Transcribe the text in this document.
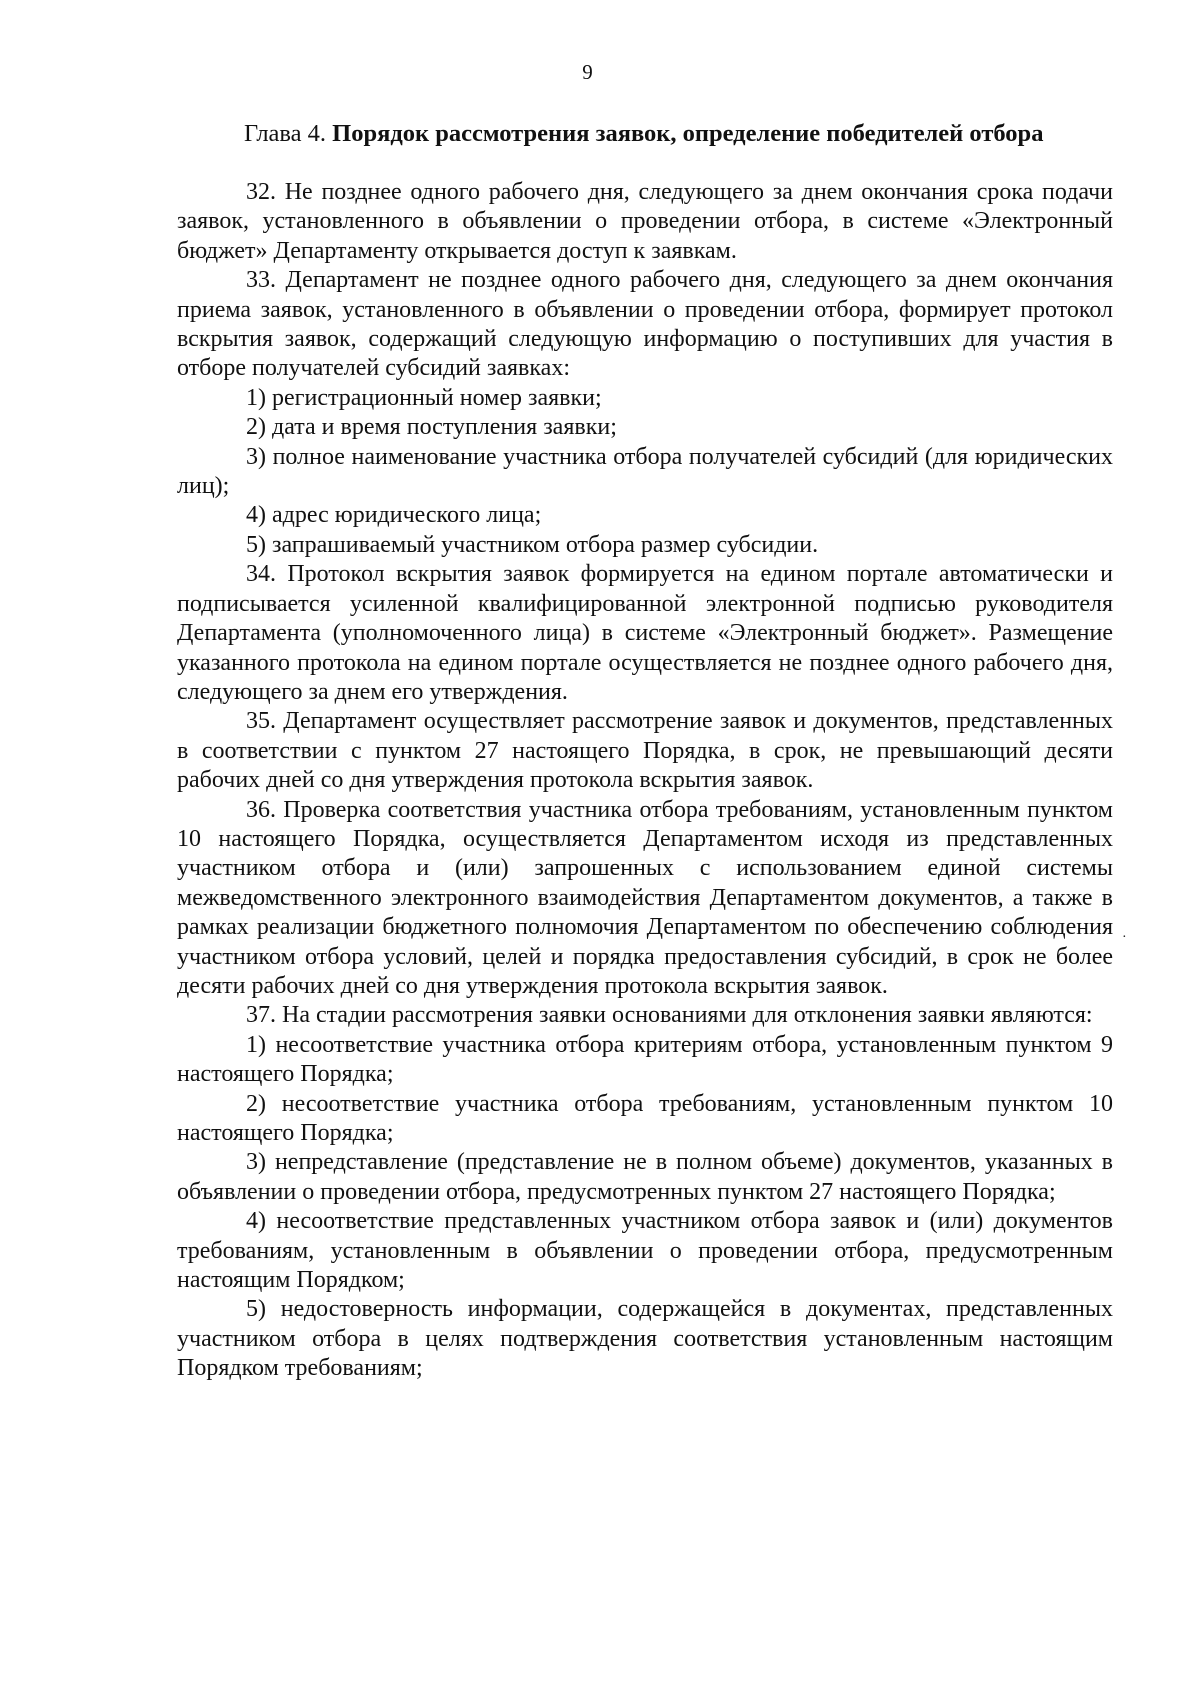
9
Глава 4. Порядок рассмотрения заявок, определение победителей отбора

32. Не позднее одного рабочего дня, следующего за днем окончания срока подачи заявок, установленного в объявлении о проведении отбора, в системе «Электронный бюджет» Департаменту открывается доступ к заявкам.

33. Департамент не позднее одного рабочего дня, следующего за днем окончания приема заявок, установленного в объявлении о проведении отбора, формирует протокол вскрытия заявок, содержащий следующую информацию о поступивших для участия в отборе получателей субсидий заявках:

1) регистрационный номер заявки;

2) дата и время поступления заявки;

3) полное наименование участника отбора получателей субсидий (для юридических лиц);

4) адрес юридического лица;

5) запрашиваемый участником отбора размер субсидии.

34. Протокол вскрытия заявок формируется на едином портале автоматически и подписывается усиленной квалифицированной электронной подписью руководителя Департамента (уполномоченного лица) в системе «Электронный бюджет». Размещение указанного протокола на едином портале осуществляется не позднее одного рабочего дня, следующего за днем его утверждения.

35. Департамент осуществляет рассмотрение заявок и документов, представленных в соответствии с пунктом 27 настоящего Порядка, в срок, не превышающий десяти рабочих дней со дня утверждения протокола вскрытия заявок.

36. Проверка соответствия участника отбора требованиям, установленным пунктом 10 настоящего Порядка, осуществляется Департаментом исходя из представленных участником отбора и (или) запрошенных с использованием единой системы межведомственного электронного взаимодействия Департаментом документов, а также в рамках реализации бюджетного полномочия Департаментом по обеспечению соблюдения участником отбора условий, целей и порядка предоставления субсидий, в срок не более десяти рабочих дней со дня утверждения протокола вскрытия заявок.

37. На стадии рассмотрения заявки основаниями для отклонения заявки являются:

1) несоответствие участника отбора критериям отбора, установленным пунктом 9 настоящего Порядка;

2) несоответствие участника отбора требованиям, установленным пунктом 10 настоящего Порядка;

3) непредставление (представление не в полном объеме) документов, указанных в объявлении о проведении отбора, предусмотренных пунктом 27 настоящего Порядка;

4) несоответствие представленных участником отбора заявок и (или) документов требованиям, установленным в объявлении о проведении отбора, предусмотренным настоящим Порядком;

5) недостоверность информации, содержащейся в документах, представленных участником отбора в целях подтверждения соответствия установленным настоящим Порядком требованиям;

·
